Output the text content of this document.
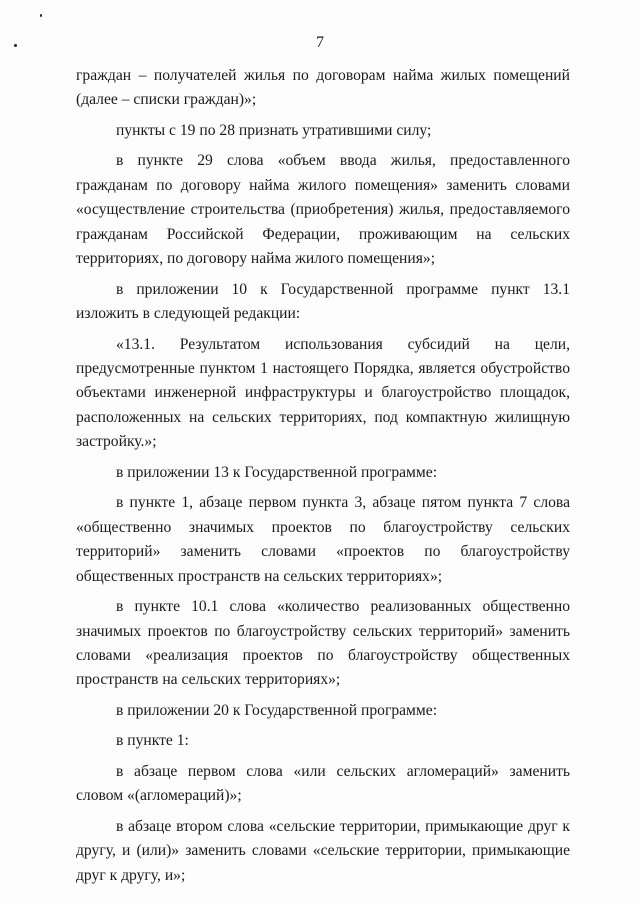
7

граждан – получателей жилья по договорам найма жилых помещений (далее – списки граждан)»;

пункты с 19 по 28 признать утратившими силу;

в пункте 29 слова «объем ввода жилья, предоставленного гражданам по договору найма жилого помещения» заменить словами «осуществление строительства (приобретения) жилья, предоставляемого гражданам Российской Федерации, проживающим на сельских территориях, по договору найма жилого помещения»;

в приложении 10 к Государственной программе пункт 13.1 изложить в следующей редакции:

«13.1. Результатом использования субсидий на цели, предусмотренные пунктом 1 настоящего Порядка, является обустройство объектами инженерной инфраструктуры и благоустройство площадок, расположенных на сельских территориях, под компактную жилищную застройку.»;

в приложении 13 к Государственной программе:

в пункте 1, абзаце первом пункта 3, абзаце пятом пункта 7 слова «общественно значимых проектов по благоустройству сельских территорий» заменить словами «проектов по благоустройству общественных пространств на сельских территориях»;

в пункте 10.1 слова «количество реализованных общественно значимых проектов по благоустройству сельских территорий» заменить словами «реализация проектов по благоустройству общественных пространств на сельских территориях»;

в приложении 20 к Государственной программе:

в пункте 1:

в абзаце первом слова «или сельских агломераций» заменить словом «(агломераций)»;

в абзаце втором слова «сельские территории, примыкающие друг к другу, и (или)» заменить словами «сельские территории, примыкающие друг к другу, и»;
